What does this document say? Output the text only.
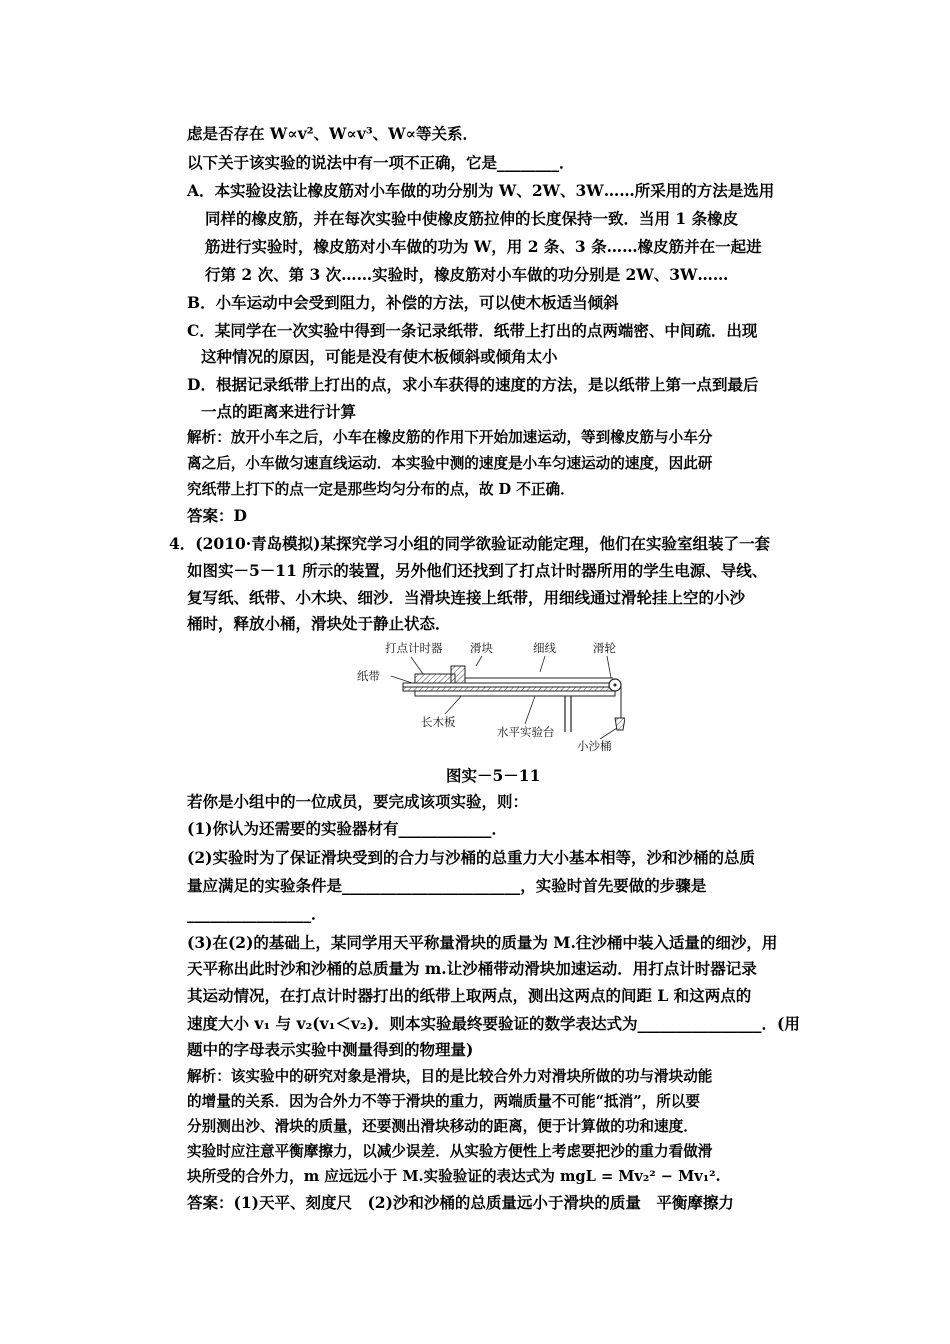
虑是否存在 W∝v²、W∝v³、W∝等关系．
以下关于该实验的说法中有一项不正确，它是________．
A．本实验设法让橡皮筋对小车做的功分别为 W、2W、3W……所采用的方法是选用
同样的橡皮筋，并在每次实验中使橡皮筋拉伸的长度保持一致．当用 1 条橡皮
筋进行实验时，橡皮筋对小车做的功为 W，用 2 条、3 条……橡皮筋并在一起进
行第 2 次、第 3 次……实验时，橡皮筋对小车做的功分别是 2W、3W……
B．小车运动中会受到阻力，补偿的方法，可以使木板适当倾斜
C．某同学在一次实验中得到一条记录纸带．纸带上打出的点两端密、中间疏．出现
这种情况的原因，可能是没有使木板倾斜或倾角太小
D．根据记录纸带上打出的点，求小车获得的速度的方法，是以纸带上第一点到最后
一点的距离来进行计算
解析：放开小车之后，小车在橡皮筋的作用下开始加速运动，等到橡皮筋与小车分
离之后，小车做匀速直线运动．本实验中测的速度是小车匀速运动的速度，因此研
究纸带上打下的点一定是那些均匀分布的点，故 D 不正确．
答案：D
4．(2010·青岛模拟)某探究学习小组的同学欲验证动能定理，他们在实验室组装了一套
如图实－5－11 所示的装置，另外他们还找到了打点计时器所用的学生电源、导线、
复写纸、纸带、小木块、细沙．当滑块连接上纸带，用细线通过滑轮挂上空的小沙
桶时，释放小桶，滑块处于静止状态．
打点计时器 滑块	细线	滑轮
纸带
长木板
水平实验台
小沙桶
图实－5－11
若你是小组中的一位成员，要完成该项实验，则：
(1)你认为还需要的实验器材有____________．
(2)实验时为了保证滑块受到的合力与沙桶的总重力大小基本相等，沙和沙桶的总质
量应满足的实验条件是_______________________，实验时首先要做的步骤是
________________．
(3)在(2)的基础上，某同学用天平称量滑块的质量为 M.往沙桶中装入适量的细沙，用
天平称出此时沙和沙桶的总质量为 m.让沙桶带动滑块加速运动．用打点计时器记录
其运动情况，在打点计时器打出的纸带上取两点，测出这两点的间距 L 和这两点的
速度大小 v₁ 与 v₂(v₁＜v₂)．则本实验最终要验证的数学表达式为________________．(用
题中的字母表示实验中测量得到的物理量)
解析：该实验中的研究对象是滑块，目的是比较合外力对滑块所做的功与滑块动能
的增量的关系．因为合外力不等于滑块的重力，两端质量不可能“抵消”，所以要
分别测出沙、滑块的质量，还要测出滑块移动的距离，便于计算做的功和速度．
实验时应注意平衡摩擦力，以减少误差．从实验方便性上考虑要把沙的重力看做滑
块所受的合外力，m 应远远小于 M.实验验证的表达式为 mgL = Mv₂² − Mv₁².
答案：(1)天平、刻度尺　(2)沙和沙桶的总质量远小于滑块的质量　平衡摩擦力
